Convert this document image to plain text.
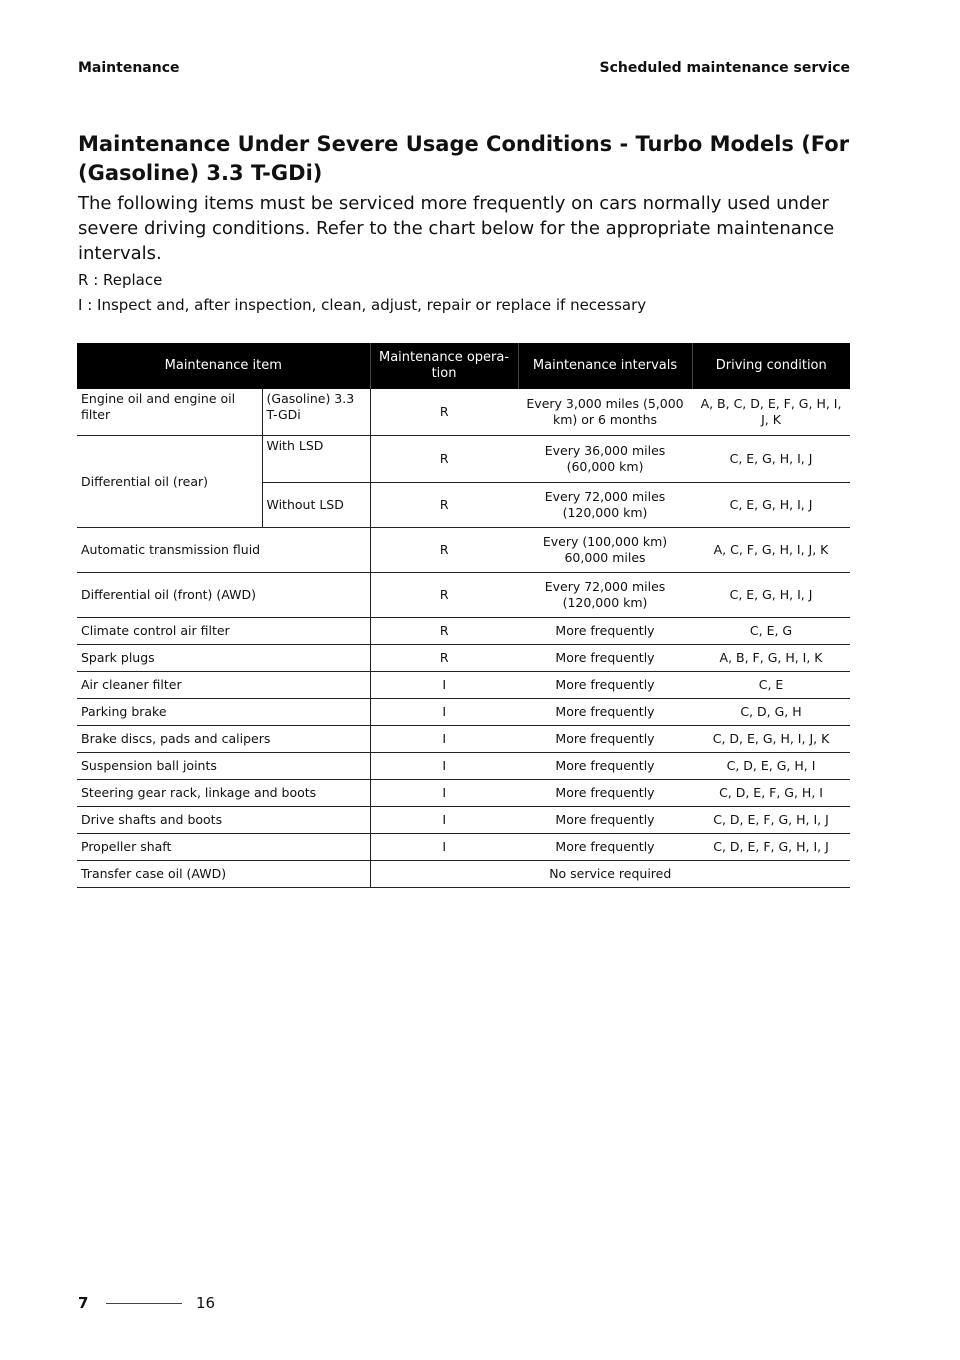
Maintenance	Scheduled maintenance service
Maintenance Under Severe Usage Conditions - Turbo Models (For (Gasoline) 3.3 T-GDi)
The following items must be serviced more frequently on cars normally used under severe driving conditions. Refer to the chart below for the appropriate maintenance intervals.
R : Replace
I : Inspect and, after inspection, clean, adjust, repair or replace if necessary
Maintenance item		Maintenance opera-tion	Maintenance intervals	Driving condition
Engine oil and engine oil filter	(Gasoline) 3.3 T-GDi	R	Every 3,000 miles (5,000 km) or 6 months	A, B, C, D, E, F, G, H, I, J, K
Differential oil (rear)	With LSD	R	Every 36,000 miles (60,000 km)	C, E, G, H, I, J
	Without LSD	R	Every 72,000 miles (120,000 km)	C, E, G, H, I, J
Automatic transmission fluid		R	Every (100,000 km) 60,000 miles	A, C, F, G, H, I, J, K
Differential oil (front) (AWD)		R	Every 72,000 miles (120,000 km)	C, E, G, H, I, J
Climate control air filter		R	More frequently	C, E, G
Spark plugs		R	More frequently	A, B, F, G, H, I, K
Air cleaner filter		I	More frequently	C, E
Parking brake		I	More frequently	C, D, G, H
Brake discs, pads and calipers		I	More frequently	C, D, E, G, H, I, J, K
Suspension ball joints		I	More frequently	C, D, E, G, H, I
Steering gear rack, linkage and boots		I	More frequently	C, D, E, F, G, H, I
Drive shafts and boots		I	More frequently	C, D, E, F, G, H, I, J
Propeller shaft		I	More frequently	C, D, E, F, G, H, I, J
Transfer case oil (AWD)		No service required		
7	16
